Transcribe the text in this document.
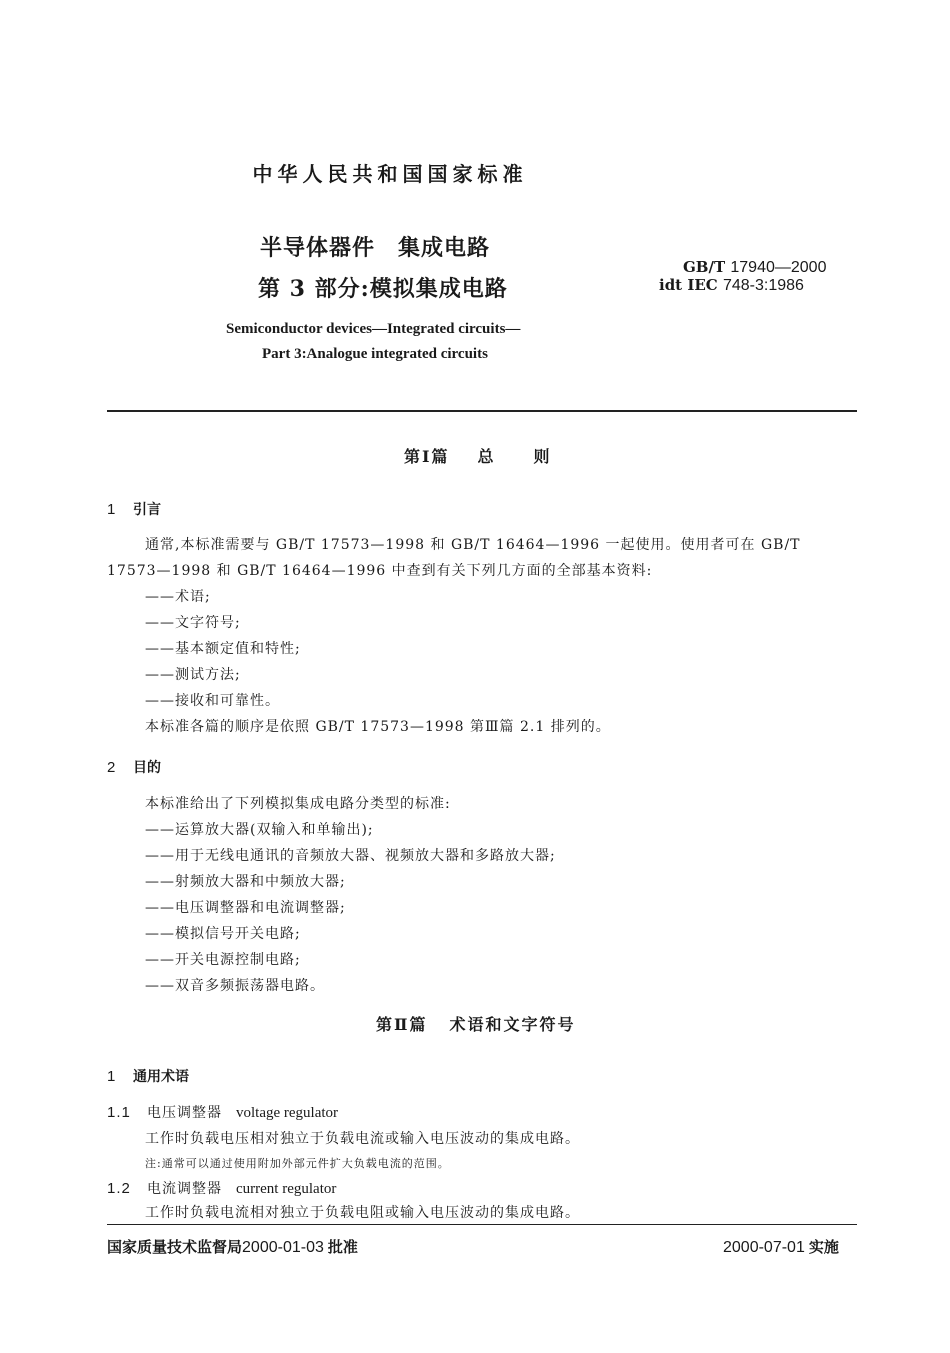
中华人民共和国国家标准
半导体器件　集成电路
第 3 部分:模拟集成电路
GB/T 17940—2000
idt IEC 748-3:1986
Semiconductor devices—Integrated circuits—
Part 3:Analogue integrated circuits
第Ⅰ篇 总 则
1 引言
通常,本标准需要与 GB/T 17573—1998 和 GB/T 16464—1996 一起使用。使用者可在 GB/T
17573—1998 和 GB/T 16464—1996 中查到有关下列几方面的全部基本资料:
——术语;
——文字符号;
——基本额定值和特性;
——测试方法;
——接收和可靠性。
本标准各篇的顺序是依照 GB/T 17573—1998 第Ⅲ篇 2.1 排列的。
2 目的
本标准给出了下列模拟集成电路分类型的标准:
——运算放大器(双输入和单输出);
——用于无线电通讯的音频放大器、视频放大器和多路放大器;
——射频放大器和中频放大器;
——电压调整器和电流调整器;
——模拟信号开关电路;
——开关电源控制电路;
——双音多频振荡器电路。
第Ⅱ篇 术语和文字符号
1 通用术语
1.1 电压调整器 voltage regulator
工作时负载电压相对独立于负载电流或输入电压波动的集成电路。
注:通常可以通过使用附加外部元件扩大负载电流的范围。
1.2 电流调整器 current regulator
工作时负载电流相对独立于负载电阻或输入电压波动的集成电路。
国家质量技术监督局2000-01-03 批准	2000-07-01 实施
